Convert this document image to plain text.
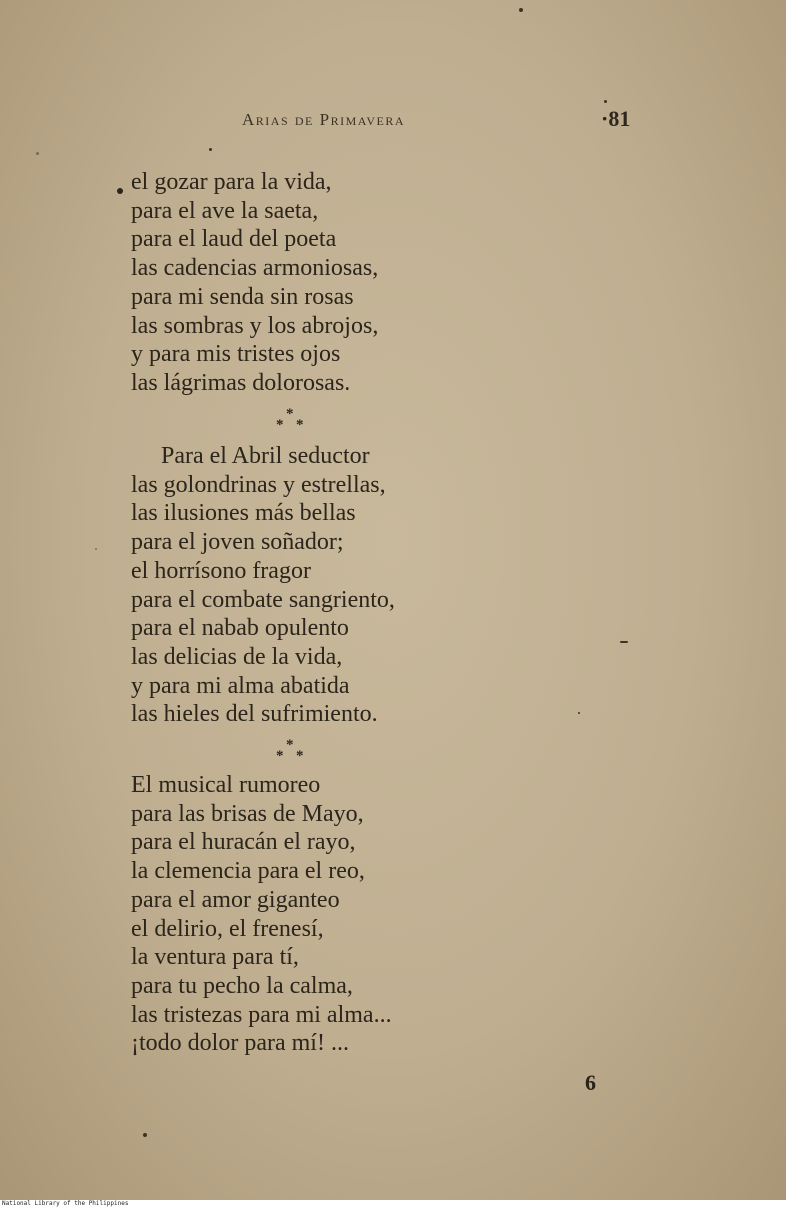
Arias de Primavera	·81
el gozar para la vida,
para el ave la saeta,
para el laud del poeta
las cadencias armoniosas,
para mi senda sin rosas
las sombras y los abrojos,
y para mis tristes ojos
las lágrimas dolorosas.
*
* *
Para el Abril seductor
las golondrinas y estrellas,
las ilusiones más bellas
para el joven soñador;
el horrísono fragor
para el combate sangriento,
para el nabab opulento
las delicias de la vida,
y para mi alma abatida
las hieles del sufrimiento.
*
* *
El musical rumoreo
para las brisas de Mayo,
para el huracán el rayo,
la clemencia para el reo,
para el amor giganteo
el delirio, el frenesí,
la ventura para tí,
para tu pecho la calma,
las tristezas para mi alma...
¡todo dolor para mí! ...
6
National Library of the Philippines
